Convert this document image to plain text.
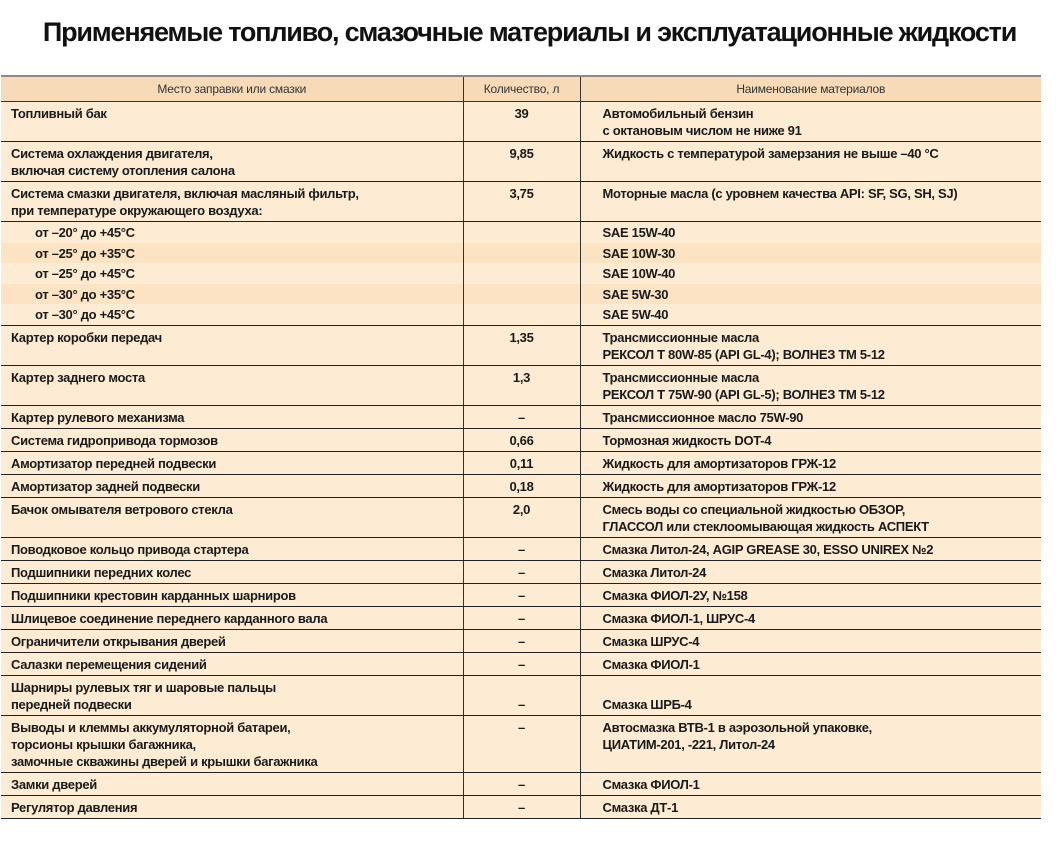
Применяемые топливо, смазочные материалы и эксплуатационные жидкости
Место заправки или смазки	Количество, л	Наименование материалов

Топливный бак	39	Автомобильный бензин
с октановым числом не ниже 91

Система охлаждения двигателя,
включая систему отопления салона	9,85	Жидкость с температурой замерзания не выше –40 °C

Система смазки двигателя, включая масляный фильтр,
при температуре окружающего воздуха:	3,75	Моторные масла (с уровнем качества API: SF, SG, SH, SJ)

от –20° до +45°C		SAE 15W-40

от –25° до +35°C		SAE 10W-30

от –25° до +45°C		SAE 10W-40

от –30° до +35°C		SAE 5W-30

от –30° до +45°C		SAE 5W-40

Картер коробки передач	1,35	Трансмиссионные масла
РЕКСОЛ Т 80W-85 (API GL-4); ВОЛНЕЗ ТМ 5-12

Картер заднего моста	1,3	Трансмиссионные масла
РЕКСОЛ Т 75W-90 (API GL-5); ВОЛНЕЗ ТМ 5-12

Картер рулевого механизма	–	Трансмиссионное масло 75W-90

Система гидропривода тормозов	0,66	Тормозная жидкость DOT-4

Амортизатор передней подвески	0,11	Жидкость для амортизаторов ГРЖ-12

Амортизатор задней подвески	0,18	Жидкость для амортизаторов ГРЖ-12

Бачок омывателя ветрового стекла	2,0	Смесь воды со специальной жидкостью ОБЗОР,
ГЛАССОЛ или стеклоомывающая жидкость АСПЕКТ

Поводковое кольцо привода стартера	–	Смазка Литол-24, AGIP GREASE 30, ESSO UNIREX №2

Подшипники передних колес	–	Смазка Литол-24

Подшипники крестовин карданных шарниров	–	Смазка ФИОЛ-2У, №158

Шлицевое соединение переднего карданного вала	–	Смазка ФИОЛ-1, ШРУС-4

Ограничители открывания дверей	–	Смазка ШРУС-4

Салазки перемещения сидений	–	Смазка ФИОЛ-1

Шарниры рулевых тяг и шаровые пальцы
передней подвески	–	Смазка ШРБ-4

Выводы и клеммы аккумуляторной батареи,
торсионы крышки багажника,
замочные скважины дверей и крышки багажника	–	Автосмазка ВТВ-1 в аэрозольной упаковке,
ЦИАТИМ-201, -221, Литол-24

Замки дверей	–	Смазка ФИОЛ-1

Регулятор давления	–	Смазка ДТ-1
